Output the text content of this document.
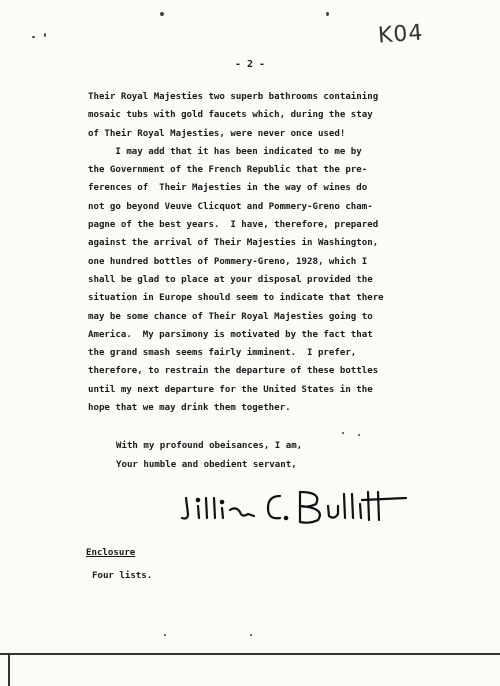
K04
- 2 -
Their Royal Majesties two superb bathrooms containing
mosaic tubs with gold faucets which, during the stay
of Their Royal Majesties, were never once used!
I may add that it has been indicated to me by
the Government of the French Republic that the pre-
ferences of  Their Majesties in the way of wines do
not go beyond Veuve Clicquot and Pommery-Greno cham-
pagne of the best years.  I have, therefore, prepared
against the arrival of Their Majesties in Washington,
one hundred bottles of Pommery-Greno, 1928, which I
shall be glad to place at your disposal provided the
situation in Europe should seem to indicate that there
may be some chance of Their Royal Majesties going to
America.  My parsimony is motivated by the fact that
the grand smash seems fairly imminent.  I prefer,
therefore, to restrain the departure of these bottles
until my next departure for the United States in the
hope that we may drink them together.
With my profound obeisances, I am,
Your humble and obedient servant,
Enclosure
Four lists.
